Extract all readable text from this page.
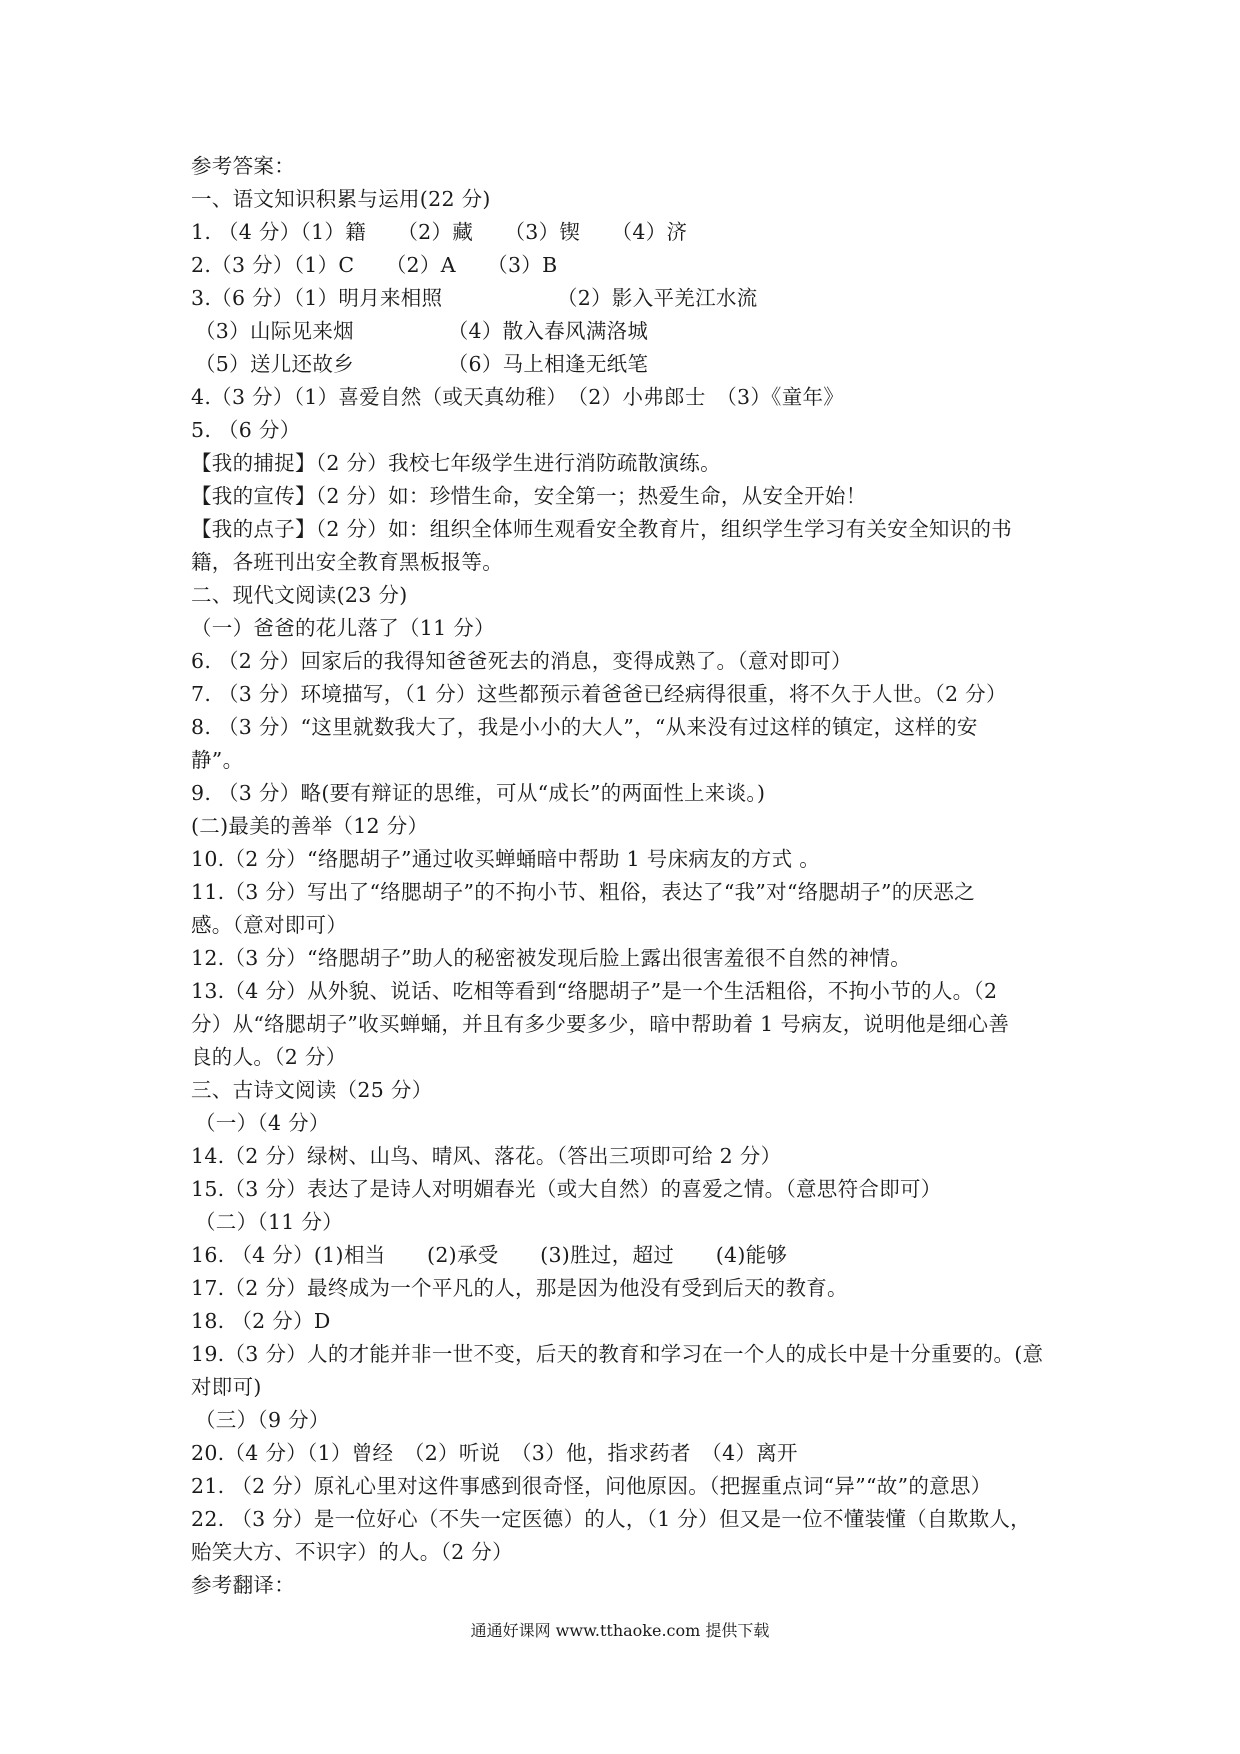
参考答案：
一、语文知识积累与运用(22 分)
1. （4 分）（1）籍　　（2）藏　　（3）锲　　（4）济
2.（3 分）（1）C　　（2）A　　（3）B
3.（6 分）（1）明月来相照　　　　　　（2）影入平羌江水流
（3）山际见来烟　　　　　（4）散入春风满洛城
（5）送儿还故乡　　　　　（6）马上相逢无纸笔
4.（3 分）（1）喜爱自然（或天真幼稚）　（2）小弗郎士　（3）《童年》
5. （6 分）
【我的捕捉】（2 分）我校七年级学生进行消防疏散演练。
【我的宣传】（2 分）如：珍惜生命，安全第一；热爱生命，从安全开始！
【我的点子】（2 分）如：组织全体师生观看安全教育片，组织学生学习有关安全知识的书
籍，各班刊出安全教育黑板报等。
二、现代文阅读(23 分)
（一）爸爸的花儿落了（11 分）
6. （2 分）回家后的我得知爸爸死去的消息，变得成熟了。（意对即可）
7. （3 分）环境描写，（1 分）这些都预示着爸爸已经病得很重，将不久于人世。（2 分）
8. （3 分）“这里就数我大了，我是小小的大人”，“从来没有过这样的镇定，这样的安
静”。
9. （3 分）略(要有辩证的思维，可从“成长”的两面性上来谈。)
(二)最美的善举（12 分）
10.（2 分）“络腮胡子”通过收买蝉蛹暗中帮助 1 号床病友的方式 。
11.（3 分）写出了“络腮胡子”的不拘小节、粗俗，表达了“我”对“络腮胡子”的厌恶之
感。（意对即可）
12.（3 分）“络腮胡子”助人的秘密被发现后脸上露出很害羞很不自然的神情。
13.（4 分）从外貌、说话、吃相等看到“络腮胡子”是一个生活粗俗，不拘小节的人。（2
分）从“络腮胡子”收买蝉蛹，并且有多少要多少，暗中帮助着 1 号病友，说明他是细心善
良的人。（2 分）
三、古诗文阅读（25 分）
（一）（4 分）
14.（2 分）绿树、山鸟、晴风、落花。（答出三项即可给 2 分）
15.（3 分）表达了是诗人对明媚春光（或大自然）的喜爱之情。（意思符合即可）
（二）（11 分）
16. （4 分）(1)相当　　(2)承受　　(3)胜过，超过　　(4)能够
17.（2 分）最终成为一个平凡的人，那是因为他没有受到后天的教育。
18. （2 分）D
19.（3 分）人的才能并非一世不变，后天的教育和学习在一个人的成长中是十分重要的。(意
对即可)
（三）（9 分）
20.（4 分）（1）曾经　（2）听说　（3）他，指求药者　（4）离开
21. （2 分）原礼心里对这件事感到很奇怪，问他原因。（把握重点词“异”“故”的意思）
22. （3 分）是一位好心（不失一定医德）的人，（1 分）但又是一位不懂装懂（自欺欺人，
贻笑大方、不识字）的人。（2 分）
参考翻译：
通通好课网 www.tthaoke.com 提供下载
